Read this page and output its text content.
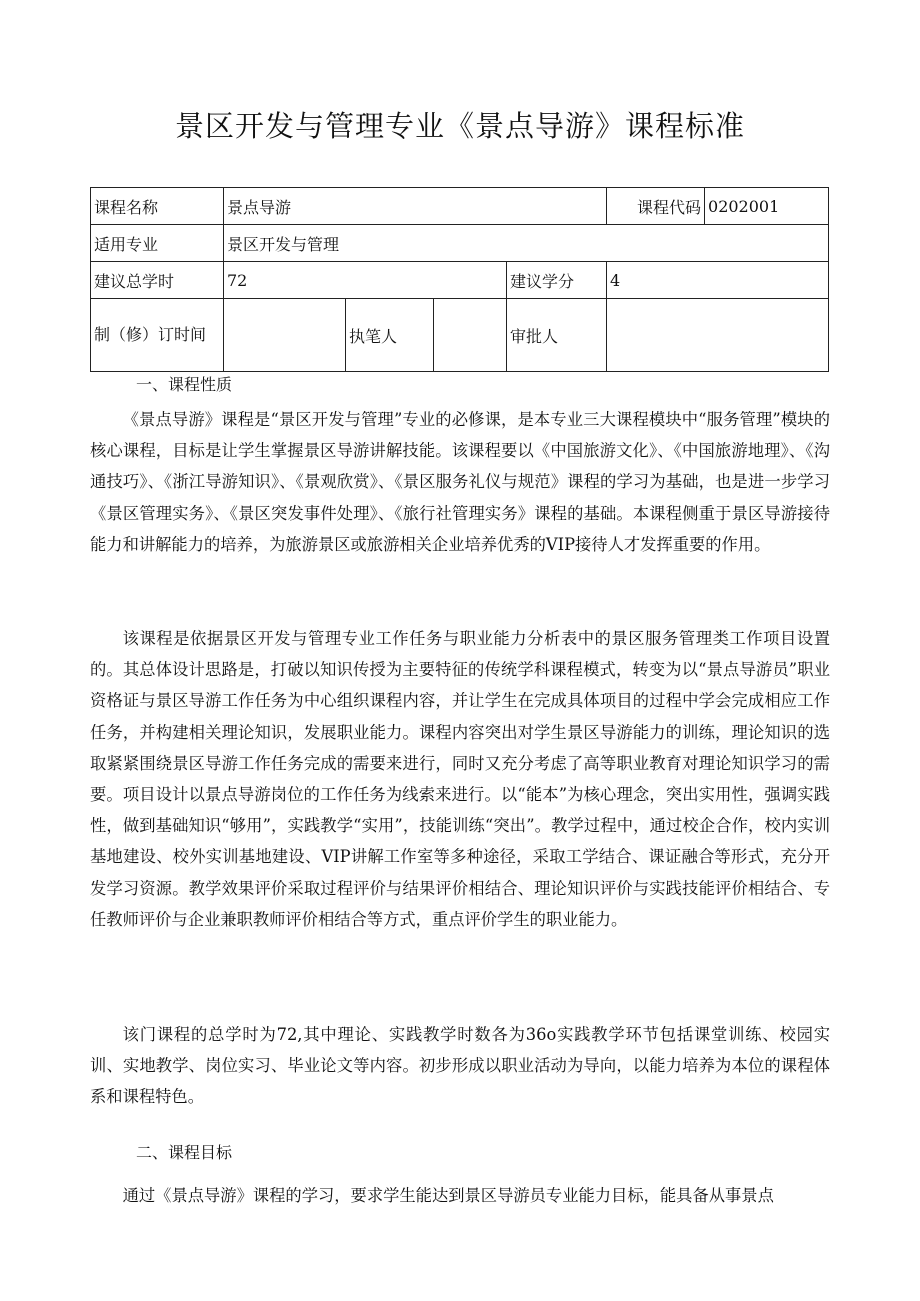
景区开发与管理专业《景点导游》课程标准
课程名称	景点导游				课程代码	0202001
适用专业	景区开发与管理					
建议总学时	72			建议学分	4	
制（修）订时间		执笔人		审批人		

一、课程性质

《景点导游》课程是“景区开发与管理”专业的必修课，是本专业三大课程模块中“服务管理”模块的核心课程，目标是让学生掌握景区导游讲解技能。该课程要以《中国旅游文化》、《中国旅游地理》、《沟通技巧》、《浙江导游知识》、《景观欣赏》、《景区服务礼仪与规范》课程的学习为基础，也是进一步学习《景区管理实务》、《景区突发事件处理》、《旅行社管理实务》课程的基础。本课程侧重于景区导游接待能力和讲解能力的培养，为旅游景区或旅游相关企业培养优秀的VIP接待人才发挥重要的作用。

该课程是依据景区开发与管理专业工作任务与职业能力分析表中的景区服务管理类工作项目设置的。其总体设计思路是，打破以知识传授为主要特征的传统学科课程模式，转变为以“景点导游员”职业资格证与景区导游工作任务为中心组织课程内容，并让学生在完成具体项目的过程中学会完成相应工作任务，并构建相关理论知识，发展职业能力。课程内容突出对学生景区导游能力的训练，理论知识的选取紧紧围绕景区导游工作任务完成的需要来进行，同时又充分考虑了高等职业教育对理论知识学习的需要。项目设计以景点导游岗位的工作任务为线索来进行。以“能本”为核心理念，突出实用性，强调实践性，做到基础知识“够用”，实践教学“实用”，技能训练“突出”。教学过程中，通过校企合作，校内实训基地建设、校外实训基地建设、VIP讲解工作室等多种途径，采取工学结合、课证融合等形式，充分开发学习资源。教学效果评价采取过程评价与结果评价相结合、理论知识评价与实践技能评价相结合、专任教师评价与企业兼职教师评价相结合等方式，重点评价学生的职业能力。

该门课程的总学时为72,其中理论、实践教学时数各为36o实践教学环节包括课堂训练、校园实训、实地教学、岗位实习、毕业论文等内容。初步形成以职业活动为导向，以能力培养为本位的课程体系和课程特色。

二、课程目标

通过《景点导游》课程的学习，要求学生能达到景区导游员专业能力目标，能具备从事景点
